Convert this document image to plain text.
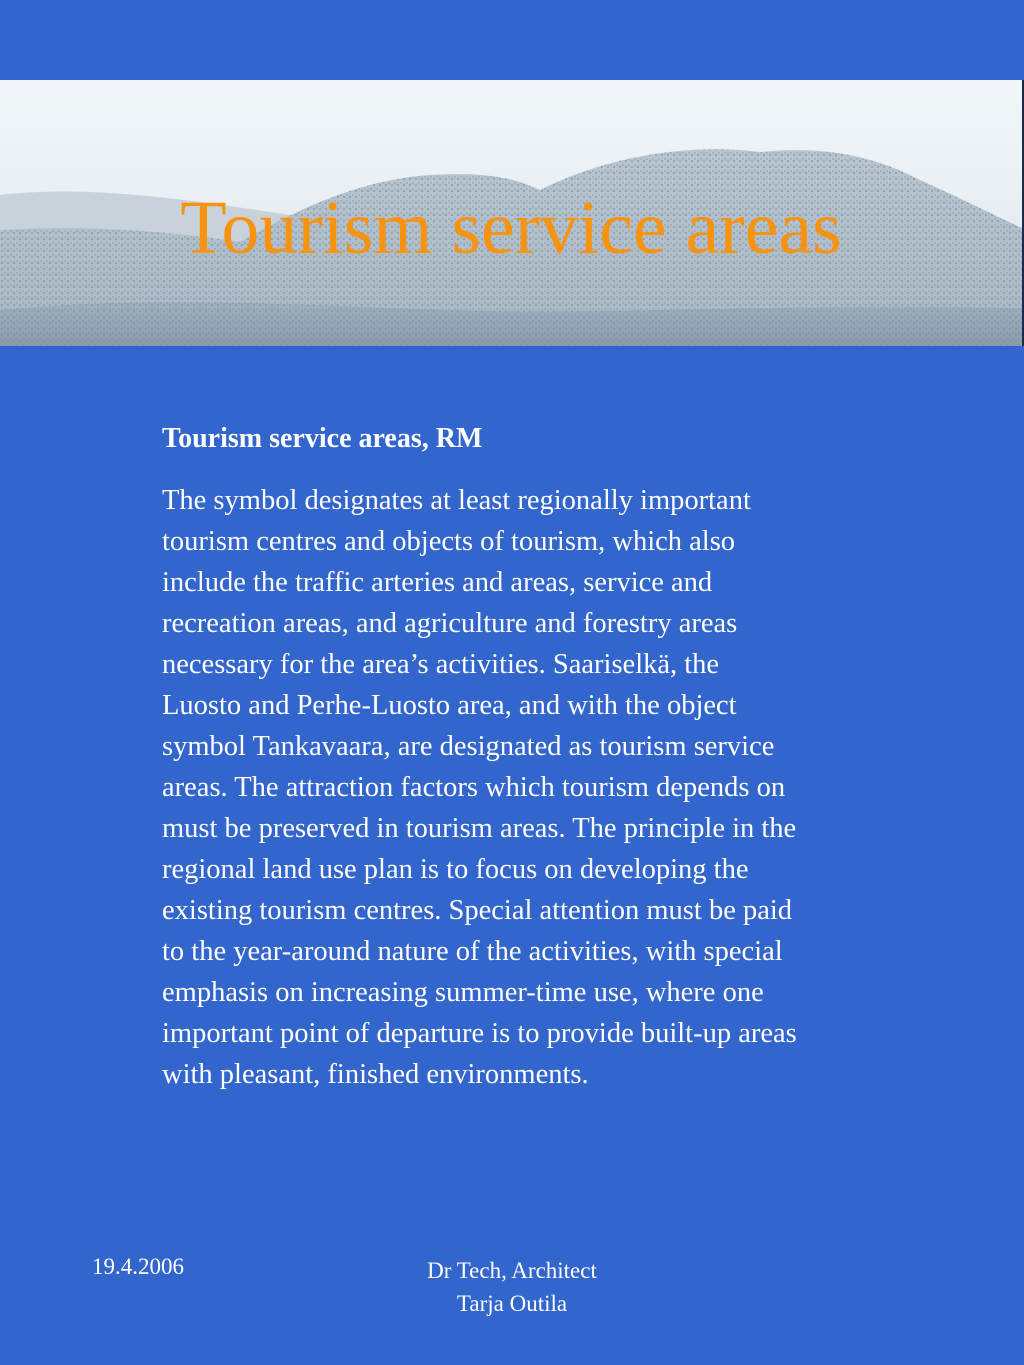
Tourism service areas

Tourism service areas, RM

The symbol designates at least regionally important tourism centres and objects of tourism, which also include the traffic arteries and areas, service and recreation areas, and agriculture and forestry areas necessary for the area’s activities. Saariselkä, the Luosto and Perhe-Luosto area, and with the object symbol Tankavaara, are designated as tourism service areas. The attraction factors which tourism depends on must be preserved in tourism areas. The principle in the regional land use plan is to focus on developing the existing tourism centres. Special attention must be paid to the year-around nature of the activities, with special emphasis on increasing summer-time use, where one important point of departure is to provide built-up areas with pleasant, finished environments.

19.4.2006	Dr Tech, Architect
Tarja Outila
